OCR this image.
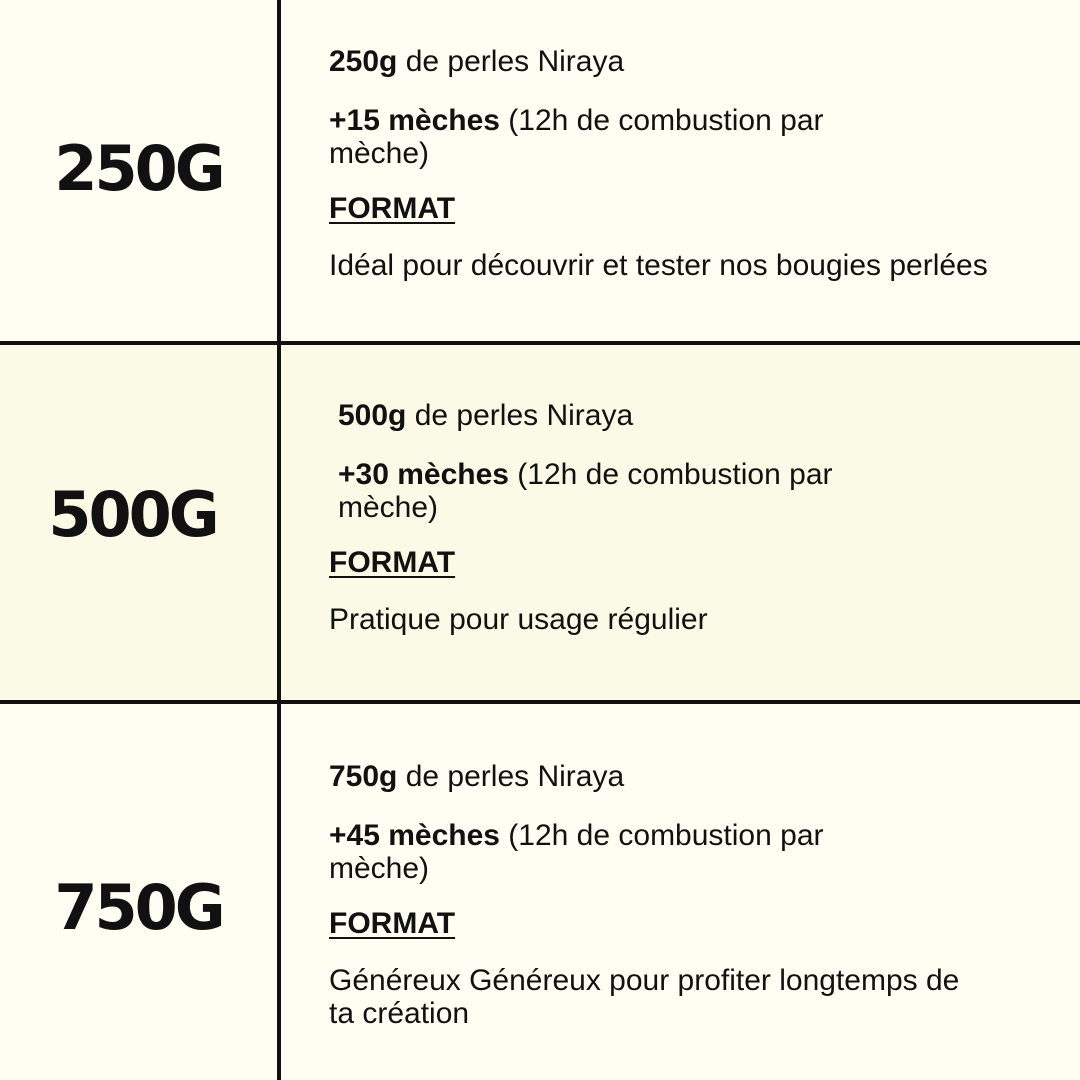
250G

250g de perles Niraya

+15 mèches (12h de combustion par mèche)

FORMAT

Idéal pour découvrir et tester nos bougies perlées

500G

500g de perles Niraya

+30 mèches (12h de combustion par mèche)

FORMAT

Pratique pour usage régulier

750G

750g de perles Niraya

+45 mèches (12h de combustion par mèche)

FORMAT

Généreux Généreux pour profiter longtemps de ta création
